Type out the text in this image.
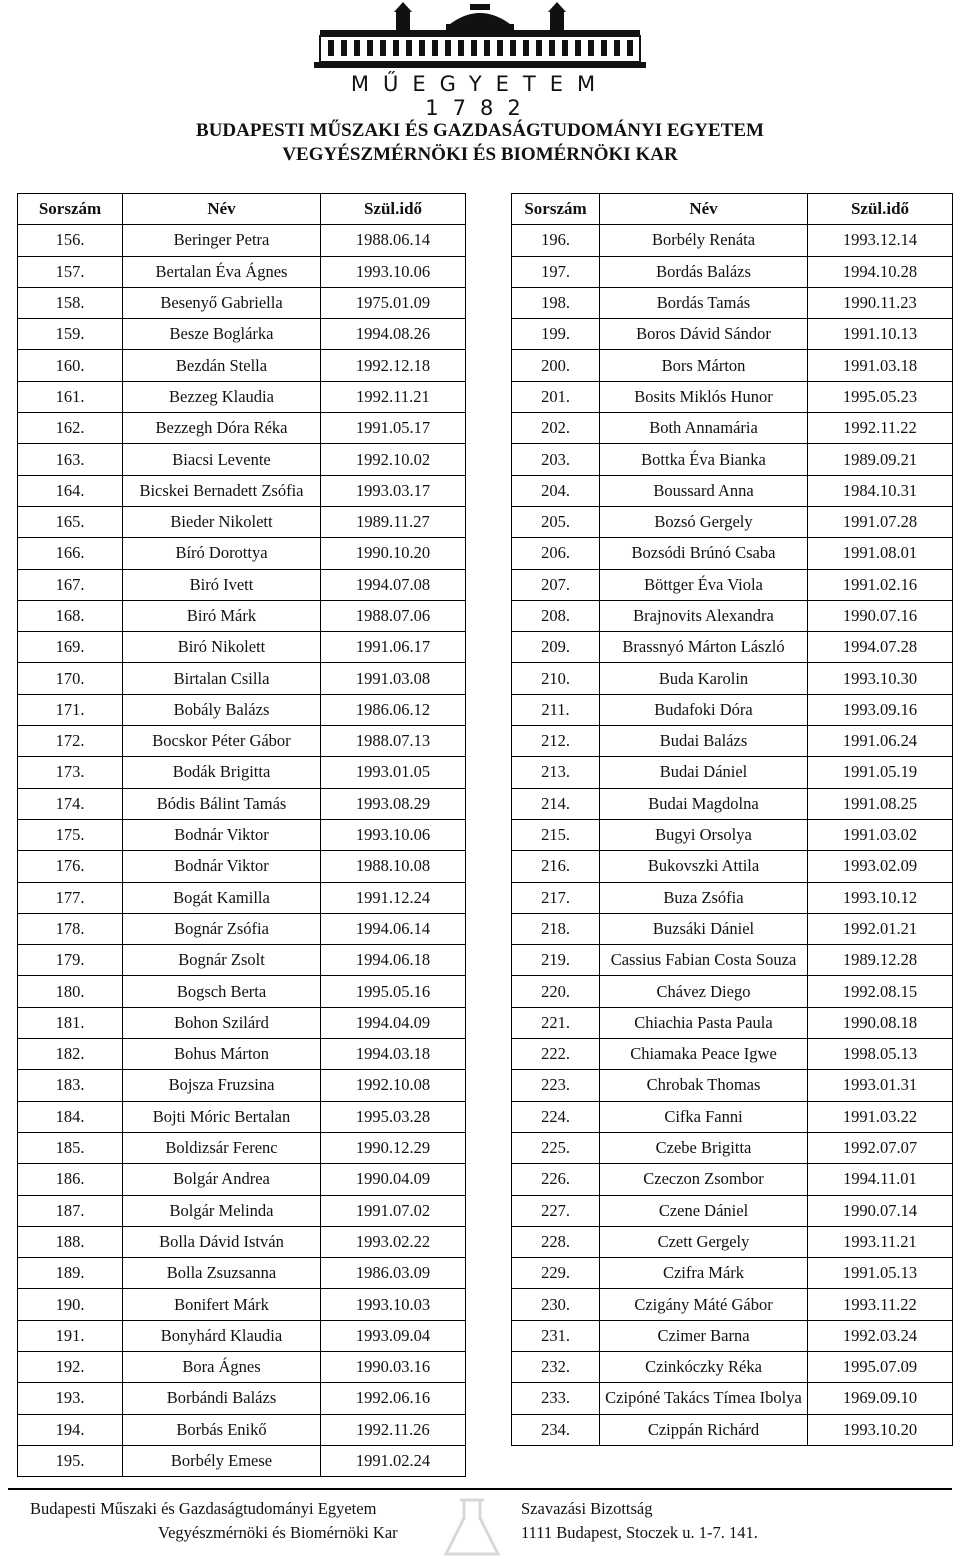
MŰEGYETEM 1782
BUDAPESTI MŰSZAKI ÉS GAZDASÁGTUDOMÁNYI EGYETEM
VEGYÉSZMÉRNÖKI ÉS BIOMÉRNÖKI KAR
Sorszám	Név	Szül.idő
156.	Beringer Petra	1988.06.14
157.	Bertalan Éva Ágnes	1993.10.06
158.	Besenyő Gabriella	1975.01.09
159.	Besze Boglárka	1994.08.26
160.	Bezdán Stella	1992.12.18
161.	Bezzeg Klaudia	1992.11.21
162.	Bezzegh Dóra Réka	1991.05.17
163.	Biacsi Levente	1992.10.02
164.	Bicskei Bernadett Zsófia	1993.03.17
165.	Bieder Nikolett	1989.11.27
166.	Bíró Dorottya	1990.10.20
167.	Biró Ivett	1994.07.08
168.	Biró Márk	1988.07.06
169.	Biró Nikolett	1991.06.17
170.	Birtalan Csilla	1991.03.08
171.	Bobály Balázs	1986.06.12
172.	Bocskor Péter Gábor	1988.07.13
173.	Bodák Brigitta	1993.01.05
174.	Bódis Bálint Tamás	1993.08.29
175.	Bodnár Viktor	1993.10.06
176.	Bodnár Viktor	1988.10.08
177.	Bogát Kamilla	1991.12.24
178.	Bognár Zsófia	1994.06.14
179.	Bognár Zsolt	1994.06.18
180.	Bogsch Berta	1995.05.16
181.	Bohon Szilárd	1994.04.09
182.	Bohus Márton	1994.03.18
183.	Bojsza Fruzsina	1992.10.08
184.	Bojti Móric Bertalan	1995.03.28
185.	Boldizsár Ferenc	1990.12.29
186.	Bolgár Andrea	1990.04.09
187.	Bolgár Melinda	1991.07.02
188.	Bolla Dávid István	1993.02.22
189.	Bolla Zsuzsanna	1986.03.09
190.	Bonifert Márk	1993.10.03
191.	Bonyhárd Klaudia	1993.09.04
192.	Bora Ágnes	1990.03.16
193.	Borbándi Balázs	1992.06.16
194.	Borbás Enikő	1992.11.26
195.	Borbély Emese	1991.02.24
Sorszám	Név	Szül.idő
196.	Borbély Renáta	1993.12.14
197.	Bordás Balázs	1994.10.28
198.	Bordás Tamás	1990.11.23
199.	Boros Dávid Sándor	1991.10.13
200.	Bors Márton	1991.03.18
201.	Bosits Miklós Hunor	1995.05.23
202.	Both Annamária	1992.11.22
203.	Bottka Éva Bianka	1989.09.21
204.	Boussard Anna	1984.10.31
205.	Bozsó Gergely	1991.07.28
206.	Bozsódi Brúnó Csaba	1991.08.01
207.	Böttger Éva Viola	1991.02.16
208.	Brajnovits Alexandra	1990.07.16
209.	Brassnyó Márton László	1994.07.28
210.	Buda Karolin	1993.10.30
211.	Budafoki Dóra	1993.09.16
212.	Budai Balázs	1991.06.24
213.	Budai Dániel	1991.05.19
214.	Budai Magdolna	1991.08.25
215.	Bugyi Orsolya	1991.03.02
216.	Bukovszki Attila	1993.02.09
217.	Buza Zsófia	1993.10.12
218.	Buzsáki Dániel	1992.01.21
219.	Cassius Fabian Costa Souza	1989.12.28
220.	Chávez Diego	1992.08.15
221.	Chiachia Pasta Paula	1990.08.18
222.	Chiamaka Peace Igwe	1998.05.13
223.	Chrobak Thomas	1993.01.31
224.	Cifka Fanni	1991.03.22
225.	Czebe Brigitta	1992.07.07
226.	Czeczon Zsombor	1994.11.01
227.	Czene Dániel	1990.07.14
228.	Czett Gergely	1993.11.21
229.	Czifra Márk	1991.05.13
230.	Czigány Máté Gábor	1993.11.22
231.	Czimer Barna	1992.03.24
232.	Czinkóczky Réka	1995.07.09
233.	Czipóné Takács Tímea Ibolya	1969.09.10
234.	Czippán Richárd	1993.10.20
Budapesti Műszaki és Gazdaságtudományi Egyetem
Vegyészmérnöki és Biomérnöki Kar
Szavazási Bizottság
1111 Budapest, Stoczek u. 1-7. 141.
